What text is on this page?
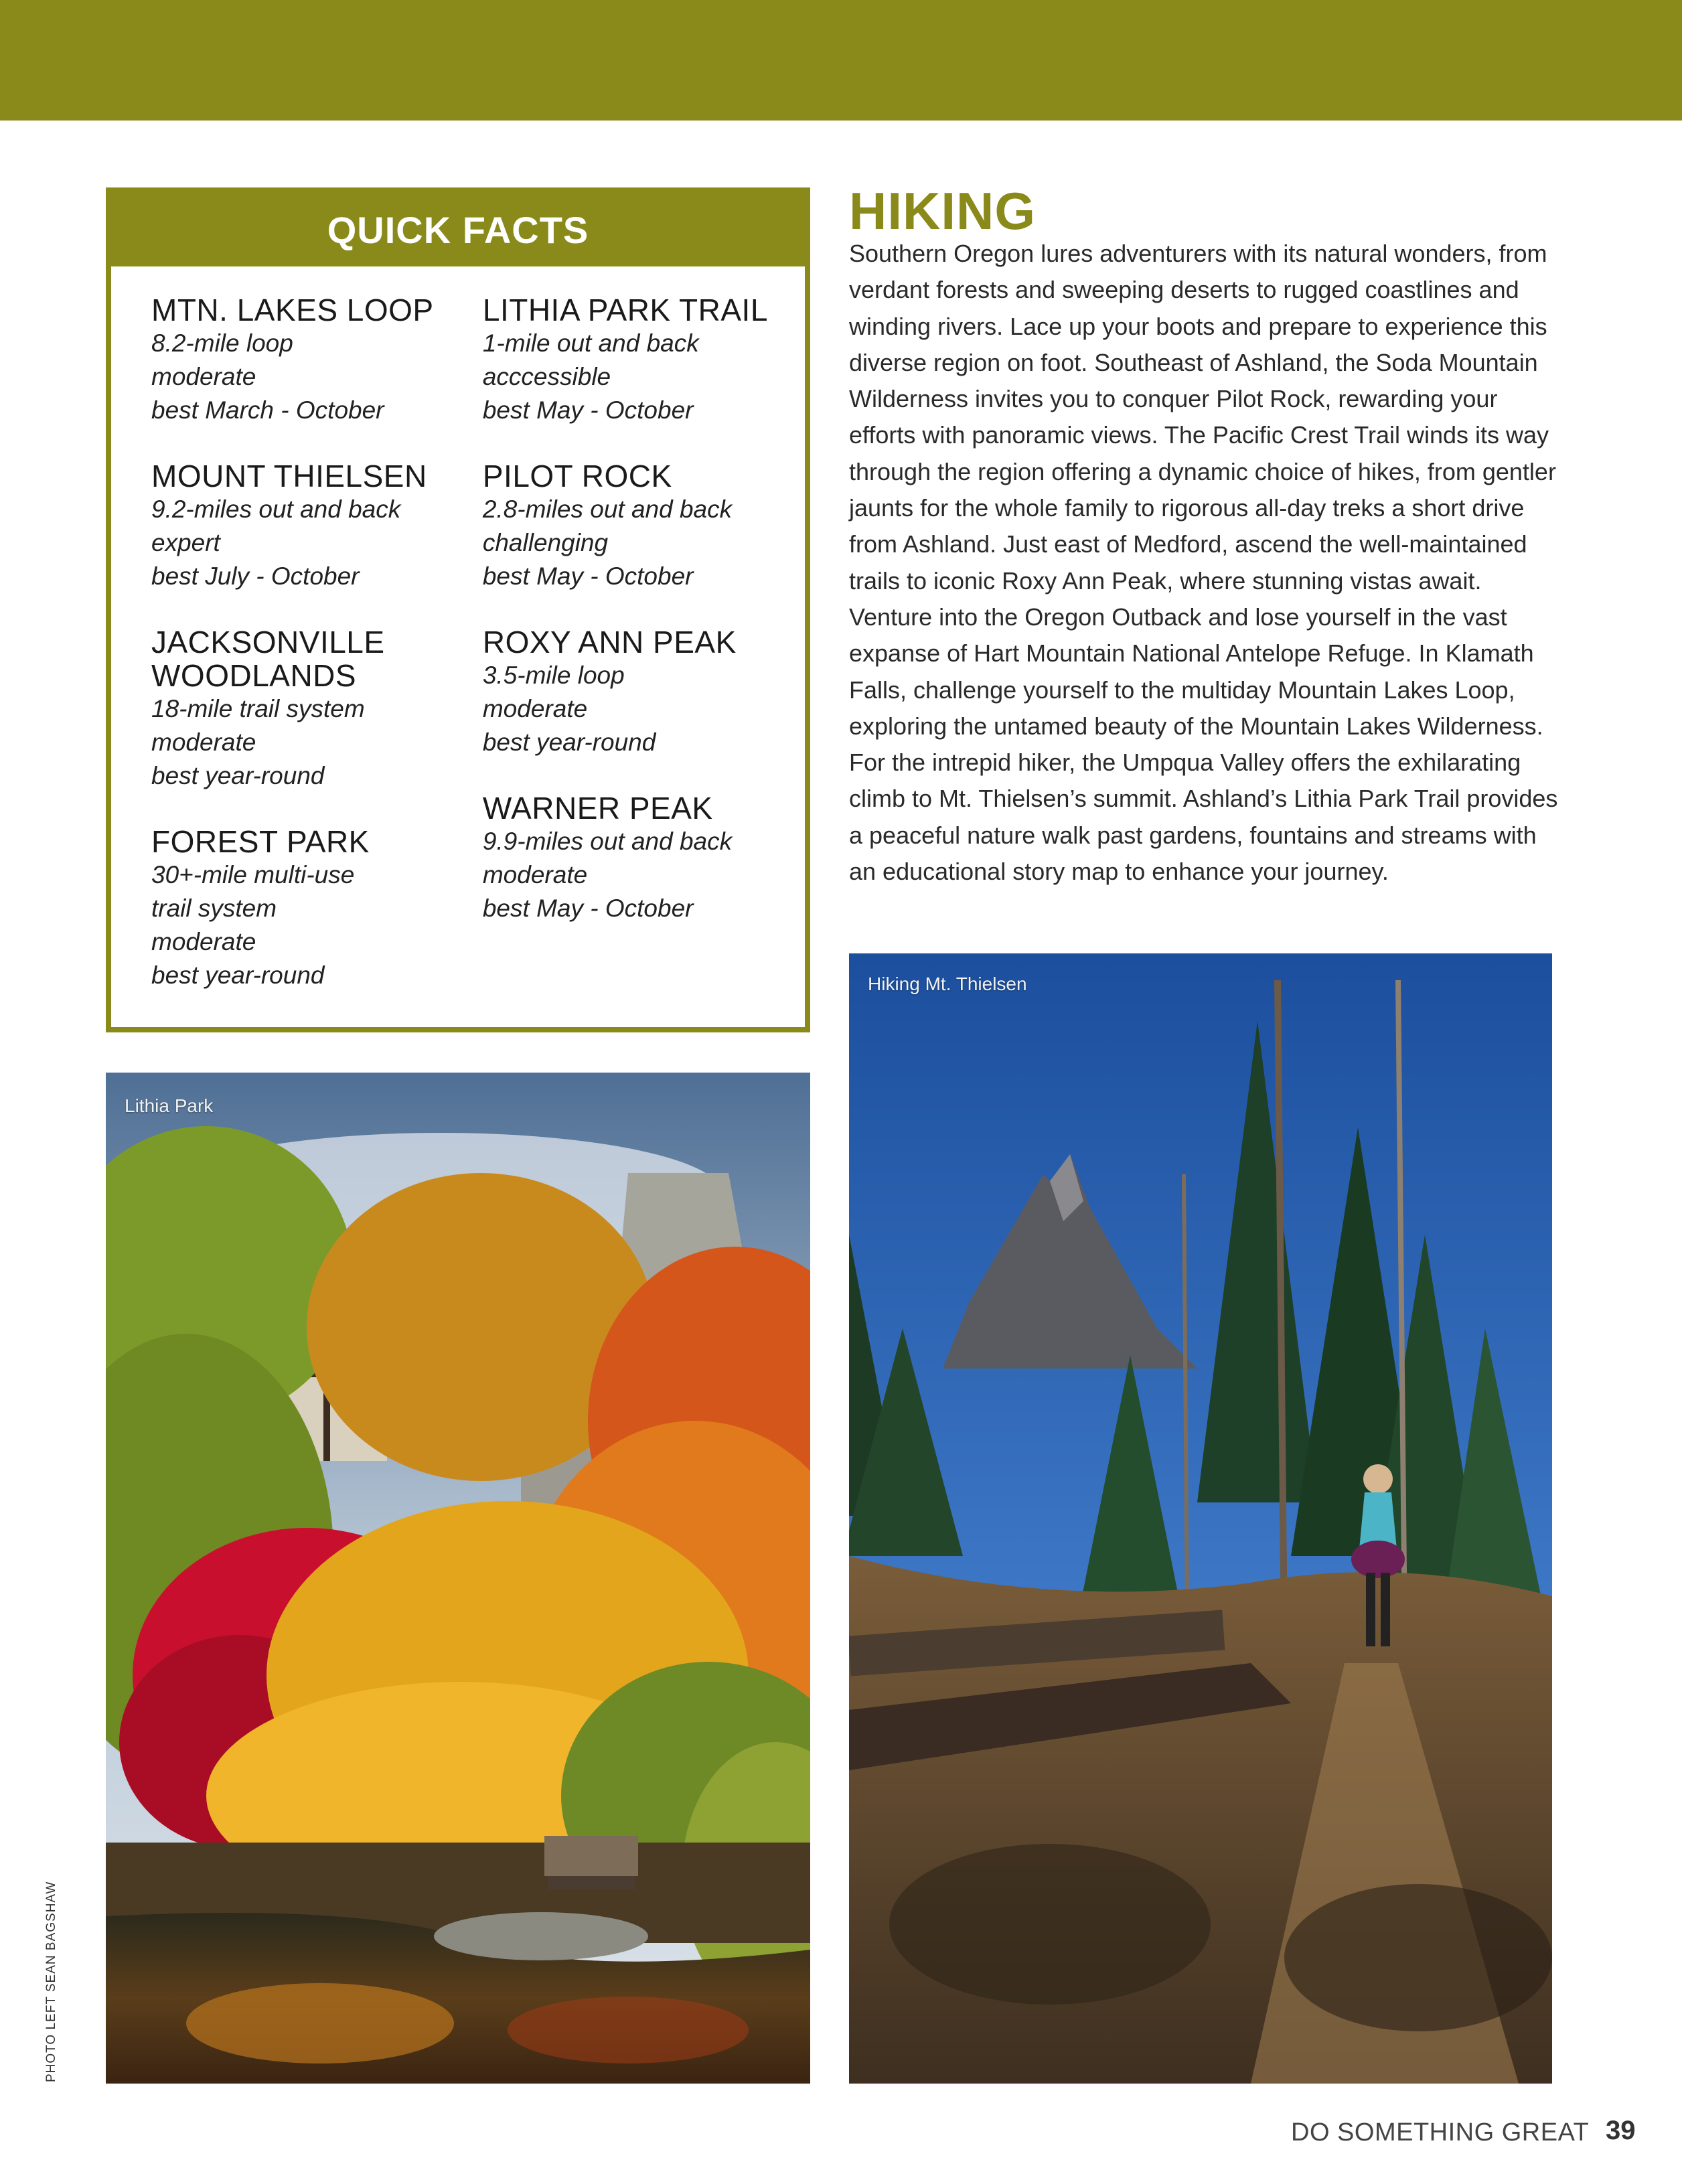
QUICK FACTS
MTN. LAKES LOOP
8.2-mile loop
moderate
best March - October
MOUNT THIELSEN
9.2-miles out and back
expert
best July - October
JACKSONVILLE WOODLANDS
18-mile trail system
moderate
best year-round
FOREST PARK
30+-mile multi-use
trail system
moderate
best year-round
LITHIA PARK TRAIL
1-mile out and back
acccessible
best May - October
PILOT ROCK
2.8-miles out and back
challenging
best May - October
ROXY ANN PEAK
3.5-mile loop
moderate
best year-round
WARNER PEAK
9.9-miles out and back
moderate
best May - October
HIKING

Southern Oregon lures adventurers with its natural wonders, from verdant forests and sweeping deserts to rugged coastlines and winding rivers. Lace up your boots and prepare to experience this diverse region on foot. Southeast of Ashland, the Soda Mountain Wilderness invites you to conquer Pilot Rock, rewarding your efforts with panoramic views. The Pacific Crest Trail winds its way through the region offering a dynamic choice of hikes, from gentler jaunts for the whole family to rigorous all-day treks a short drive from Ashland. Just east of Medford, ascend the well-maintained trails to iconic Roxy Ann Peak, where stunning vistas await. Venture into the Oregon Outback and lose yourself in the vast expanse of Hart Mountain National Antelope Refuge. In Klamath Falls, challenge yourself to the multiday Mountain Lakes Loop, exploring the untamed beauty of the Mountain Lakes Wilderness. For the intrepid hiker, the Umpqua Valley offers the exhilarating climb to Mt. Thielsen’s summit. Ashland’s Lithia Park Trail provides a peaceful nature walk past gardens, fountains and streams with an educational story map to enhance your journey.

Lithia Park
Hiking Mt. Thielsen
PHOTO LEFT SEAN BAGSHAW
DO SOMETHING GREAT 39
